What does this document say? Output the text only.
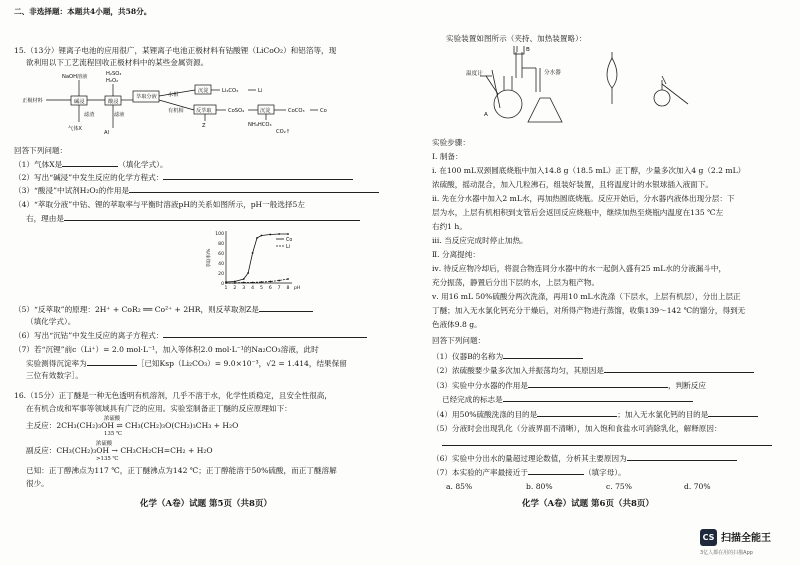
二、非选择题：本题共4小题，共58分。
15.（13分）锂离子电池的应用很广，某锂离子电池正极材料有钴酸锂（LiCoO₂）和铝箔等，现
欲利用以下工艺流程回收正极材料中的某些金属资源。
NaOH溶液	H₂SO₄
H₂O₂
正极材料	碱浸	酸浸
萃取分液 水相
有机相
沉淀	Li₂CO₃	Li
反萃取
Z
CoSO₄	沉淀	CoCO₃	Co
NH₄HCO₃
CO₂↑
滤渣	滤液
气体X
Al
回答下列问题：
（1）气体X是	（填化学式）。
（2）写出“碱浸”中发生反应的化学方程式：
（3）“酸浸”中试剂H₂O₂的作用是
（4）“萃取分液”中钴、锂的萃取率与平衡时溶液pH的关系如图所示，pH一般选择5左
右，理由是
0
20
40
60
80
100
1 2 3 4 5 6 7 8 pH
萃取率/%
Co
Li
（5）“反萃取”的原理：2H⁺ + CoR₂ ══ Co²⁺ + 2HR，则反萃取剂Z是
（填化学式）。
（6）写出“沉钴”中发生反应的离子方程式：
（7）若“沉锂”前c（Li⁺）= 2.0 mol·L⁻¹，加入等体积2.0 mol·L⁻¹的Na₂CO₃溶液，此时
实验测得沉淀率为	［已知Ksp（Li₂CO₃）= 9.0×10⁻³，√2 = 1.414，结果保留
三位有效数字］。
16.（15分）正丁醚是一种无色透明有机溶剂，几乎不溶于水，化学性质稳定，且安全性很高，
在有机合成和军事等领域具有广泛的应用。实验室制备正丁醚的反应原理如下：
主反应：2CH₃(CH₂)₃OH ⇌ CH₃(CH₂)₃O(CH₂)₃CH₃ + H₂O
浓硫酸
135 ℃
副反应：CH₃(CH₂)₃OH → CH₃CH₂CH=CH₂ + H₂O
浓硫酸
>135 ℃
已知：正丁醇沸点为117 ℃，正丁醚沸点为142 ℃；正丁醇能溶于50%硫酸，而正丁醚溶解
很少。
化学（A卷）试题 第5页（共8页）
实验装置如图所示（夹持、加热装置略）：
温度计	分水器
A
B
实验步骤：
Ⅰ. 制备：
ⅰ. 在100 mL双颈圆底烧瓶中加入14.8 g（18.5 mL）正丁醇，少量多次加入4 g（2.2 mL）
浓硫酸，摇动混合，加入几粒沸石，组装好装置，且将温度计的水银球插入液面下。
ⅱ. 先在分水器中加入2 mL水，再加热圆底烧瓶。反应开始后，分水器内液体出现分层：下
层为水，上层有机相积到支管后会返回反应烧瓶中，继续加热至烧瓶内温度在135 ℃左
右约1 h。
ⅲ. 当反应完成时停止加热。
Ⅱ. 分离提纯：
ⅳ. 待反应物冷却后，将混合物连同分水器中的水一起倒入盛有25 mL水的分液漏斗中，
充分振荡，静置后分出下层的水，上层为粗产物。
ⅴ. 用16 mL 50%硫酸分两次洗涤，再用10 mL水洗涤（下层水，上层有机层），分出上层正
丁醚；加入无水氯化钙充分干燥后，对所得产物进行蒸馏，收集139～142 ℃的馏分，得到无
色液体9.8 g。
回答下列问题：
（1）仪器B的名称为
（2）浓硫酸要少量多次加入并振荡均匀，其原因是
（3）实验中分水器的作用是	，判断反应
已经完成的标志是
（4）用50%硫酸洗涤的目的是	；加入无水氯化钙的目的是
（5）分液时会出现乳化（分液界面不清晰），加入饱和食盐水可消除乳化，解释原因：
（6）实验中分出水的量超过理论数值，分析其主要原因为
（7）本实验的产率最接近于	（填字母）。
a. 85%	b. 80%	c. 75%	d. 70%
化学（A卷）试题 第6页（共8页）
CS 扫描全能王
3亿人都在用的扫描App
